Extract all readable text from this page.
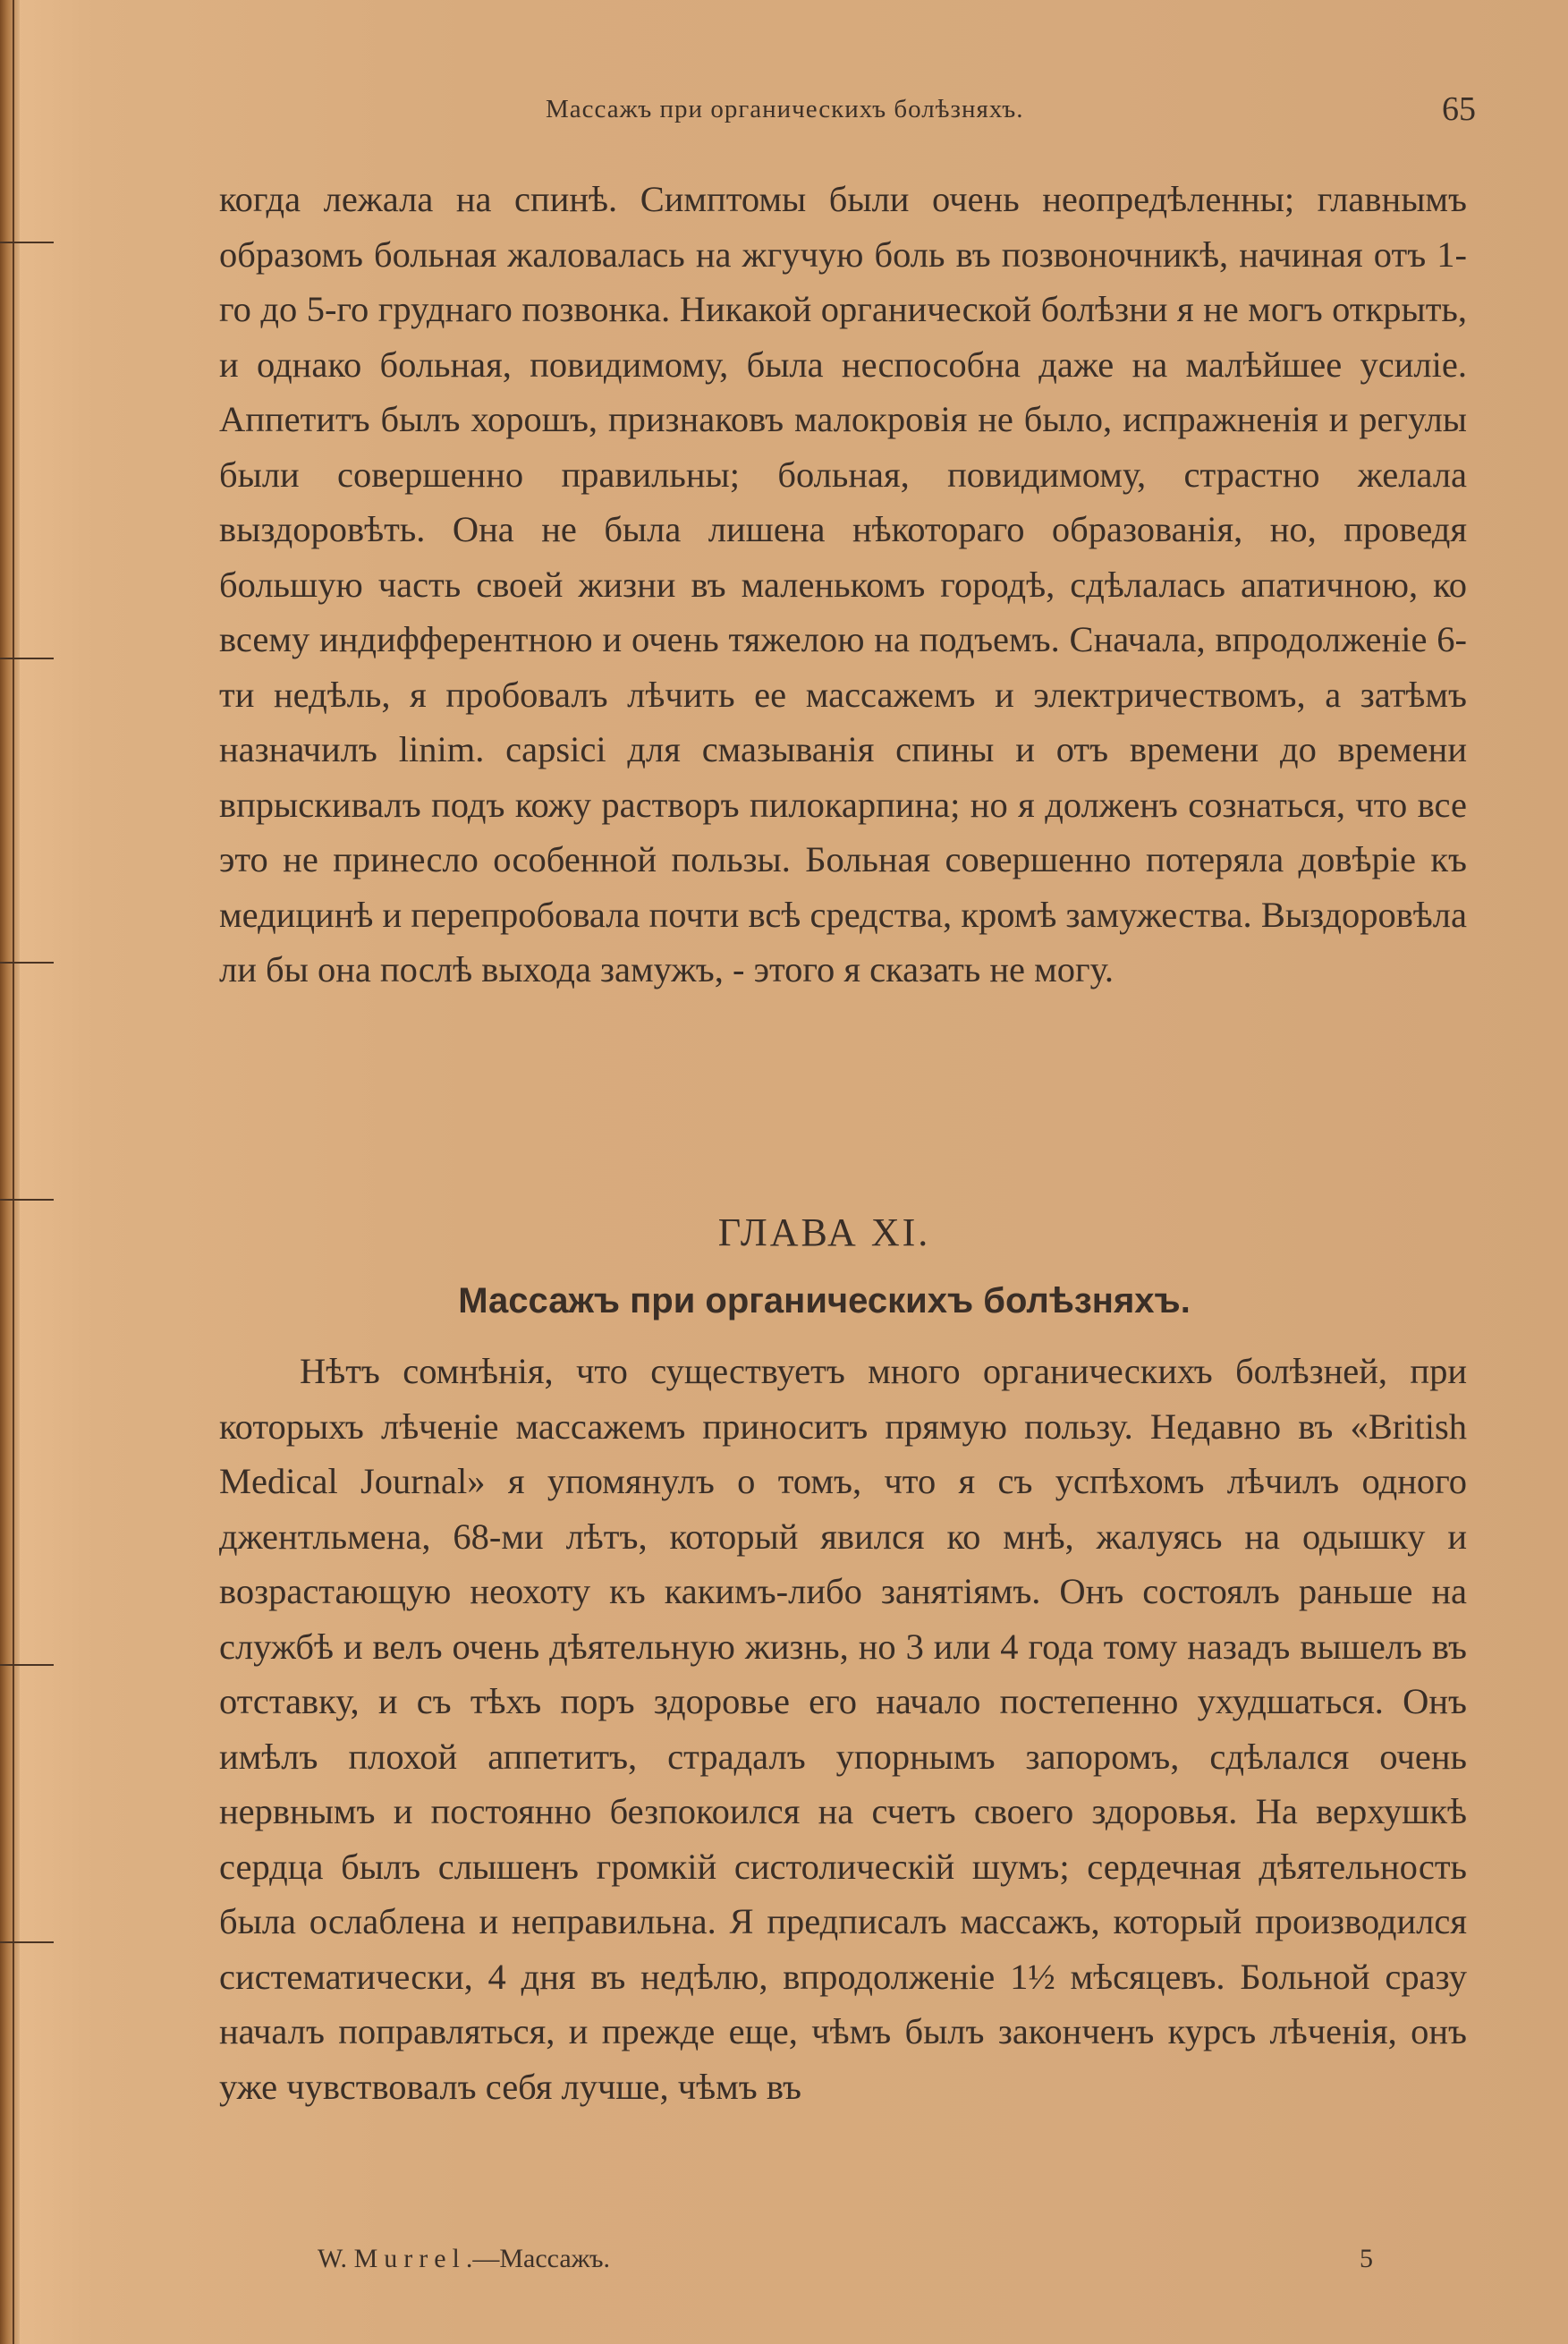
Массажъ при органическихъ болѣзняхъ.	65

когда лежала на спинѣ. Симптомы были очень неопредѣленны; главнымъ образомъ больная жаловалась на жгучую боль въ позвоночникѣ, начиная отъ 1-го до 5-го груднаго позвонка. Никакой органической болѣзни я не могъ открыть, и однако больная, повидимому, была неспособна даже на малѣйшее усиліе. Аппетитъ былъ хорошъ, признаковъ малокровія не было, испражненія и регулы были совершенно правильны; больная, повидимому, страстно желала выздоровѣть. Она не была лишена нѣкотораго образованія, но, проведя большую часть своей жизни въ маленькомъ городѣ, сдѣлалась апатичною, ко всему индифферентною и очень тяжелою на подъемъ. Сначала, впродолженіе 6-ти недѣль, я пробовалъ лѣчить ее массажемъ и электричествомъ, а затѣмъ назначилъ linim. capsici для смазыванія спины и отъ времени до времени впрыскивалъ подъ кожу растворъ пилокарпина; но я долженъ сознаться, что все это не принесло особенной пользы. Больная совершенно потеряла довѣріе къ медицинѣ и перепробовала почти всѣ средства, кромѣ замужества. Выздоровѣла ли бы она послѣ выхода замужъ, - этого я сказать не могу.

ГЛАВА XI.
Массажъ при органическихъ болѣзняхъ.

Нѣтъ сомнѣнія, что существуетъ много органическихъ болѣзней, при которыхъ лѣченіе массажемъ приноситъ прямую пользу. Недавно въ «British Medical Journal» я упомянулъ о томъ, что я съ успѣхомъ лѣчилъ одного джентльмена, 68-ми лѣтъ, который явился ко мнѣ, жалуясь на одышку и возрастающую неохоту къ какимъ-либо занятіямъ. Онъ состоялъ раньше на службѣ и велъ очень дѣятельную жизнь, но 3 или 4 года тому назадъ вышелъ въ отставку, и съ тѣхъ поръ здоровье его начало постепенно ухудшаться. Онъ имѣлъ плохой аппетитъ, страдалъ упорнымъ запоромъ, сдѣлался очень нервнымъ и постоянно безпокоился на счетъ своего здоровья. На верхушкѣ сердца былъ слышенъ громкій систолическій шумъ; сердечная дѣятельность была ослаблена и неправильна. Я предписалъ массажъ, который производился систематически, 4 дня въ недѣлю, впродолженіе 1½ мѣсяцевъ. Больной сразу началъ поправляться, и прежде еще, чѣмъ былъ законченъ курсъ лѣченія, онъ уже чувствовалъ себя лучше, чѣмъ въ

W. Murrel.—Массажъ.	5
